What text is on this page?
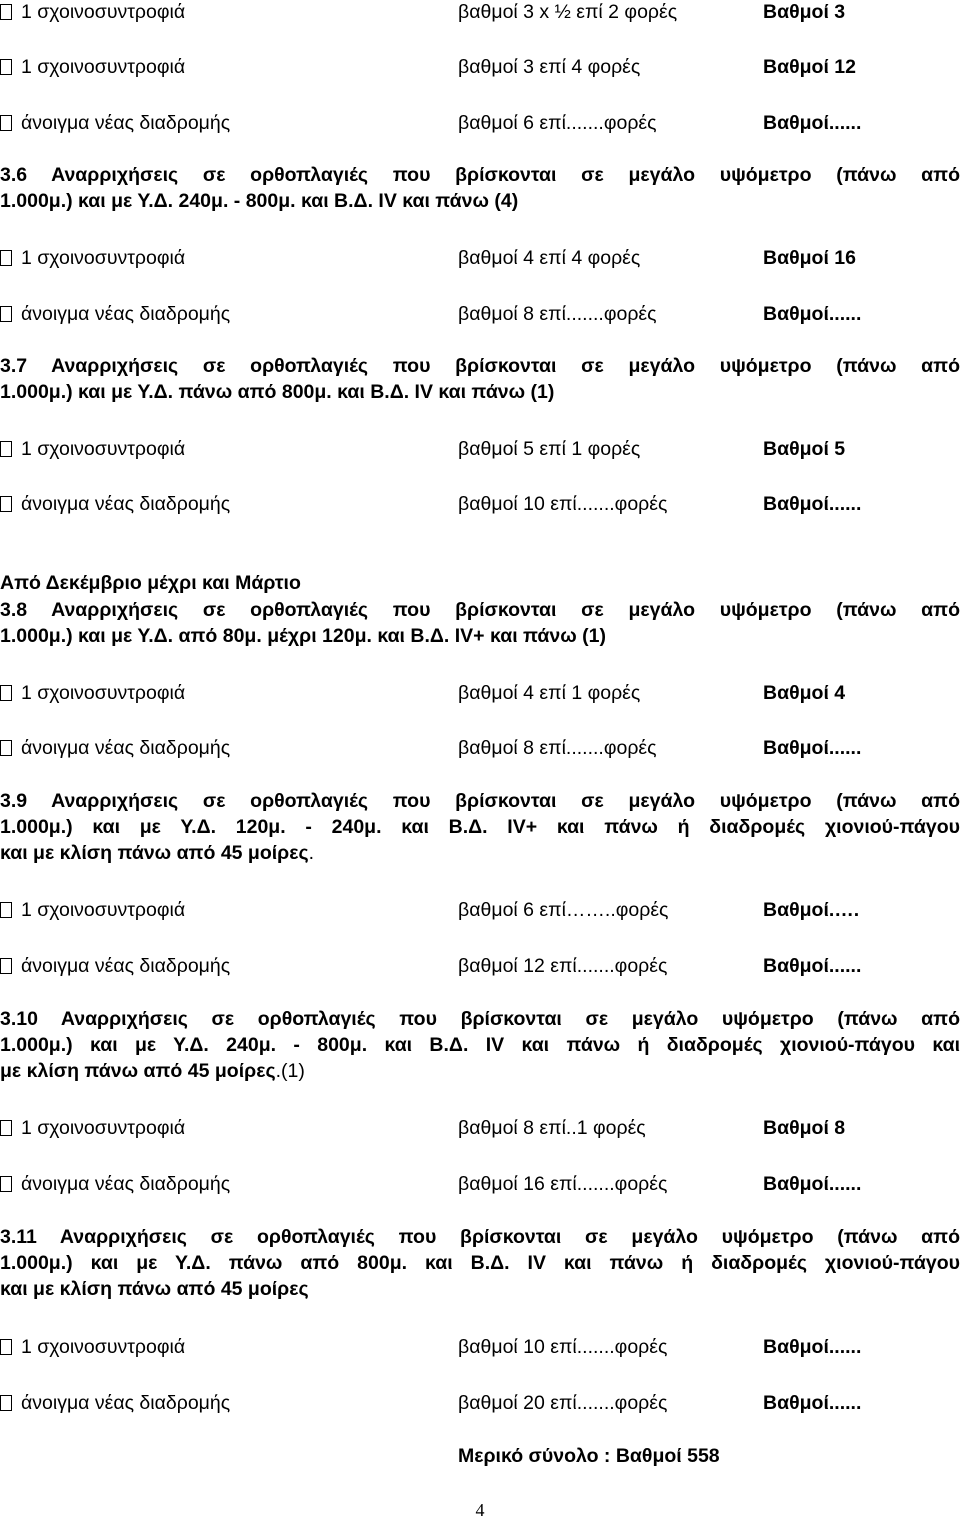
1 σχοινοσυντροφιά	βαθμοί 3 x ½ επί 2 φορές	Βαθμοί 3
1 σχοινοσυντροφιά	βαθμοί 3 επί 4 φορές	Βαθμοί 12
άνοιγμα νέας διαδρομής	βαθμοί 6 επί.......φορές	Βαθμοί......
3.6 Αναρριχήσεις σε ορθοπλαγιές που βρίσκονται σε μεγάλο υψόμετρο (πάνω από
1.000μ.) και με Υ.Δ. 240μ. - 800μ. και Β.Δ. IV και πάνω (4)
1 σχοινοσυντροφιά	βαθμοί 4 επί 4 φορές	Βαθμοί 16
άνοιγμα νέας διαδρομής	βαθμοί 8 επί.......φορές	Βαθμοί......
3.7 Αναρριχήσεις σε ορθοπλαγιές που βρίσκονται σε μεγάλο υψόμετρο (πάνω από
1.000μ.) και με Υ.Δ. πάνω από 800μ. και Β.Δ. IV και πάνω (1)
1 σχοινοσυντροφιά	βαθμοί 5 επί 1 φορές	Βαθμοί 5
άνοιγμα νέας διαδρομής	βαθμοί 10 επί.......φορές	Βαθμοί......
Από Δεκέμβριο μέχρι και Μάρτιο
3.8 Αναρριχήσεις σε ορθοπλαγιές που βρίσκονται σε μεγάλο υψόμετρο (πάνω από
1.000μ.) και με Υ.Δ. από 80μ. μέχρι 120μ. και Β.Δ. IV+ και πάνω (1)
1 σχοινοσυντροφιά	βαθμοί 4 επί 1 φορές	Βαθμοί 4
άνοιγμα νέας διαδρομής	βαθμοί 8 επί.......φορές	Βαθμοί......
3.9 Αναρριχήσεις σε ορθοπλαγιές που βρίσκονται σε μεγάλο υψόμετρο (πάνω από
1.000μ.) και με Υ.Δ. 120μ. - 240μ. και Β.Δ. IV+ και πάνω ή διαδρομές χιονιού-πάγου
και με κλίση πάνω από 45 μοίρες.
1 σχοινοσυντροφιά	βαθμοί 6 επί……..φορές	Βαθμοί.….
άνοιγμα νέας διαδρομής	βαθμοί 12 επί.......φορές	Βαθμοί......
3.10 Αναρριχήσεις σε ορθοπλαγιές που βρίσκονται σε μεγάλο υψόμετρο (πάνω από
1.000μ.) και με Υ.Δ. 240μ. - 800μ. και Β.Δ. IV και πάνω ή διαδρομές χιονιού-πάγου και
με κλίση πάνω από 45 μοίρες.(1)
1 σχοινοσυντροφιά	βαθμοί 8 επί..1 φορές	Βαθμοί 8
άνοιγμα νέας διαδρομής	βαθμοί 16 επί.......φορές	Βαθμοί......
3.11 Αναρριχήσεις σε ορθοπλαγιές που βρίσκονται σε μεγάλο υψόμετρο (πάνω από
1.000μ.) και με Υ.Δ. πάνω από 800μ. και Β.Δ. IV και πάνω ή διαδρομές χιονιού-πάγου
και με κλίση πάνω από 45 μοίρες
1 σχοινοσυντροφιά	βαθμοί 10 επί.......φορές	Βαθμοί......
άνοιγμα νέας διαδρομής	βαθμοί 20 επί.......φορές	Βαθμοί......
Μερικό σύνολο : Βαθμοί 558
4
